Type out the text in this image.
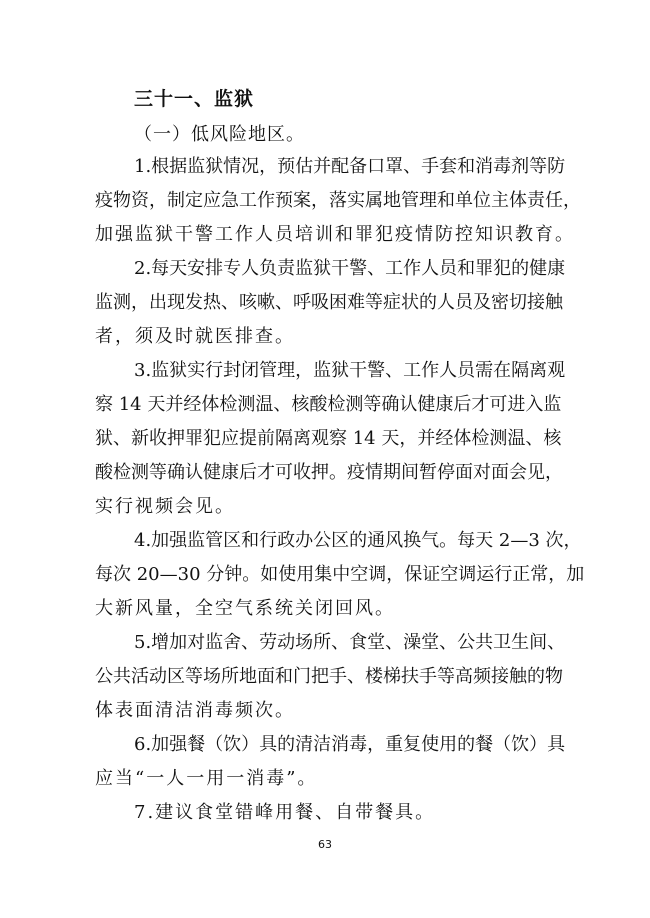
三十一、监狱
（一）低风险地区。
1.根据监狱情况，预估并配备口罩、手套和消毒剂等防
疫物资，制定应急工作预案，落实属地管理和单位主体责任，
加强监狱干警工作人员培训和罪犯疫情防控知识教育。
2.每天安排专人负责监狱干警、工作人员和罪犯的健康
监测，出现发热、咳嗽、呼吸困难等症状的人员及密切接触
者，须及时就医排查。
3.监狱实行封闭管理，监狱干警、工作人员需在隔离观
察 14 天并经体检测温、核酸检测等确认健康后才可进入监
狱、新收押罪犯应提前隔离观察 14 天，并经体检测温、核
酸检测等确认健康后才可收押。疫情期间暂停面对面会见，
实行视频会见。
4.加强监管区和行政办公区的通风换气。每天 2—3 次，
每次 20—30 分钟。如使用集中空调，保证空调运行正常，加
大新风量，全空气系统关闭回风。
5.增加对监舍、劳动场所、食堂、澡堂、公共卫生间、
公共活动区等场所地面和门把手、楼梯扶手等高频接触的物
体表面清洁消毒频次。
6.加强餐（饮）具的清洁消毒，重复使用的餐（饮）具
应当“一人一用一消毒”。
7.建议食堂错峰用餐、自带餐具。
63
